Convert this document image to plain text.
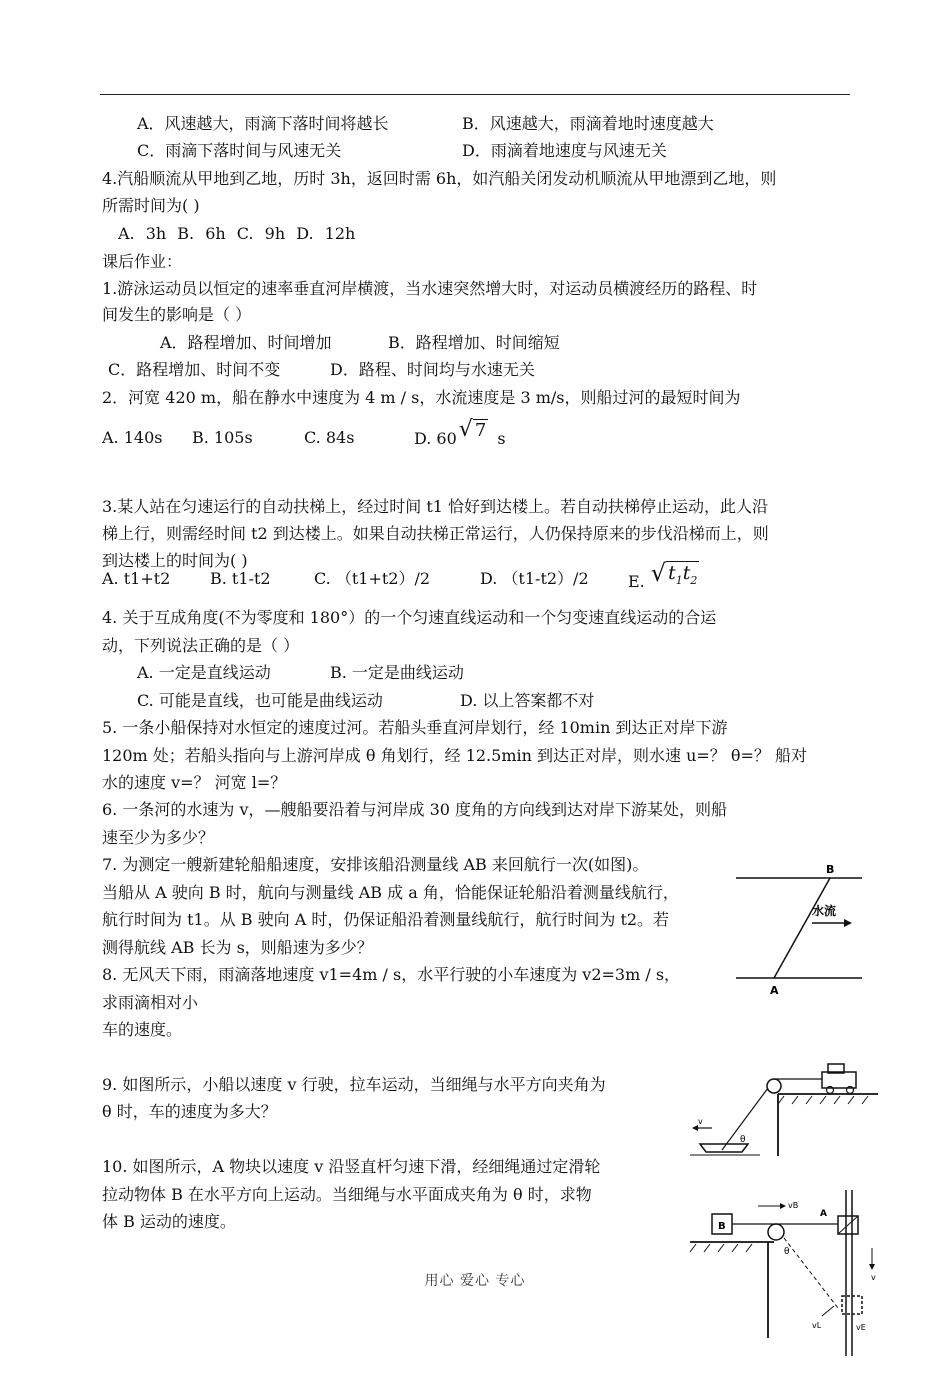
A．风速越大，雨滴下落时间将越长	B．风速越大，雨滴着地时速度越大
C．雨滴下落时间与风速无关	D．雨滴着地速度与风速无关
4.汽船顺流从甲地到乙地，历时 3h，返回时需 6h，如汽船关闭发动机顺流从甲地漂到乙地，则
所需时间为( )
A. 3h B. 6h C. 9h D. 12h
课后作业：
1.游泳运动员以恒定的速率垂直河岸横渡，当水速突然增大时，对运动员横渡经历的路程、时
间发生的影响是（ ）
A．路程增加、时间增加	B．路程增加、时间缩短
C．路程增加、时间不变	D．路程、时间均与水速无关
2．河宽 420 m，船在静水中速度为 4 m / s，水流速度是 3 m/s，则船过河的最短时间为
A. 140s B. 105s	C. 84s	D. 60√ 7 s
3.某人站在匀速运行的自动扶梯上，经过时间 t1 恰好到达楼上。若自动扶梯停止运动，此人沿
梯上行，则需经时间 t2 到达楼上。如果自动扶梯正常运行，人仍保持原来的步伐沿梯而上，则
到达楼上的时间为( )
A. t1+t2 B. t1-t2	C. （t1+t2）/2	D. （t1-t2）/2 E. √ $t_1t_2$
4. 关于互成角度(不为零度和 180°）的一个匀速直线运动和一个匀变速直线运动的合运
动，下列说法正确的是（ ）
A. 一定是直线运动	B. 一定是曲线运动
C. 可能是直线，也可能是曲线运动	D. 以上答案都不对
5. 一条小船保持对水恒定的速度过河。若船头垂直河岸划行，经 10min 到达正对岸下游
120m 处；若船头指向与上游河岸成 θ 角划行，经 12.5min 到达正对岸，则水速 u=？ θ=？ 船对
水的速度 v=？ 河宽 l=？
6. 一条河的水速为 v，—艘船要沿着与河岸成 30 度角的方向线到达对岸下游某处，则船
速至少为多少？
7. 为测定一艘新建轮船船速度，安排该船沿测量线 AB 来回航行一次(如图)。
当船从 A 驶向 B 时，航向与测量线 AB 成 a 角，恰能保证轮船沿着测量线航行，
航行时间为 t1。从 B 驶向 A 时，仍保证船沿着测量线航行，航行时间为 t2。若
测得航线 AB 长为 s，则船速为多少？
8. 无风天下雨，雨滴落地速度 v1=4m / s，水平行驶的小车速度为 v2=3m / s，
求雨滴相对小
车的速度。
9. 如图所示，小船以速度 v 行驶，拉车运动，当细绳与水平方向夹角为
θ 时，车的速度为多大？
10. 如图所示，A 物块以速度 v 沿竖直杆匀速下滑，经细绳通过定滑轮
拉动物体 B 在水平方向上运动。当细绳与水平面成夹角为 θ 时，求物
体 B 运动的速度。
B
A
水流
v
θ
B
A
vB
θ
v
vL	vE
用心 爱心 专心
